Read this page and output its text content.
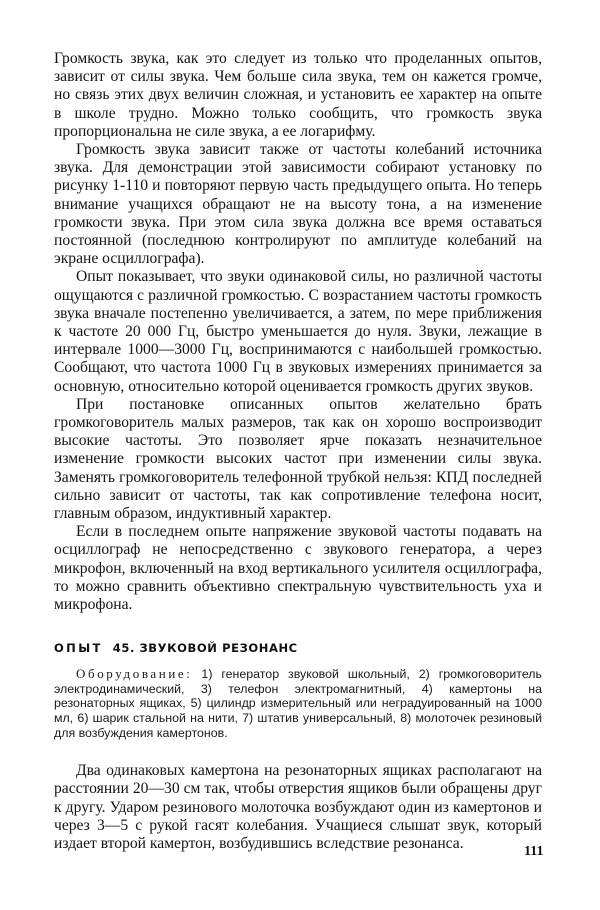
Громкость звука, как это следует из только что проделанных опытов, зависит от силы звука. Чем больше сила звука, тем он кажется громче, но связь этих двух величин сложная, и установить ее характер на опыте в школе трудно. Можно только сообщить, что громкость звука пропорциональна не силе звука, а ее логарифму.

Громкость звука зависит также от частоты колебаний источника звука. Для демонстрации этой зависимости собирают установку по рисунку 1-110 и повторяют первую часть предыдущего опыта. Но теперь внимание учащихся обращают не на высоту тона, а на изменение громкости звука. При этом сила звука должна все время оставаться постоянной (последнюю контролируют по амплитуде колебаний на экране осциллографа).

Опыт показывает, что звуки одинаковой силы, но различной частоты ощущаются с различной громкостью. С возрастанием частоты громкость звука вначале постепенно увеличивается, а затем, по мере приближения к частоте 20 000 Гц, быстро уменьшается до нуля. Звуки, лежащие в интервале 1000—3000 Гц, воспринимаются с наибольшей громкостью. Сообщают, что частота 1000 Гц в звуковых измерениях принимается за основную, относительно которой оценивается громкость других звуков.

При постановке описанных опытов желательно брать громкоговоритель малых размеров, так как он хорошо воспроизводит высокие частоты. Это позволяет ярче показать незначительное изменение громкости высоких частот при изменении силы звука. Заменять громкоговоритель телефонной трубкой нельзя: КПД последней сильно зависит от частоты, так как сопротивление телефона носит, главным образом, индуктивный характер.

Если в последнем опыте напряжение звуковой частоты подавать на осциллограф не непосредственно с звукового генератора, а через микрофон, включенный на вход вертикального усилителя осциллографа, то можно сравнить объективно спектральную чувствительность уха и микрофона.

ОПЫТ 45. ЗВУКОВОЙ РЕЗОНАНС

Оборудование: 1) генератор звуковой школьный, 2) громкоговоритель электродинамический, 3) телефон электромагнитный, 4) камертоны на резонаторных ящиках, 5) цилиндр измерительный или неградуированный на 1000 мл, 6) шарик стальной на нити, 7) штатив универсальный, 8) молоточек резиновый для возбуждения камертонов.

Два одинаковых камертона на резонаторных ящиках располагают на расстоянии 20—30 см так, чтобы отверстия ящиков были обращены друг к другу. Ударом резинового молоточка возбуждают один из камертонов и через 3—5 с рукой гасят колебания. Учащиеся слышат звук, который издает второй камертон, возбудившись вследствие резонанса.	111
